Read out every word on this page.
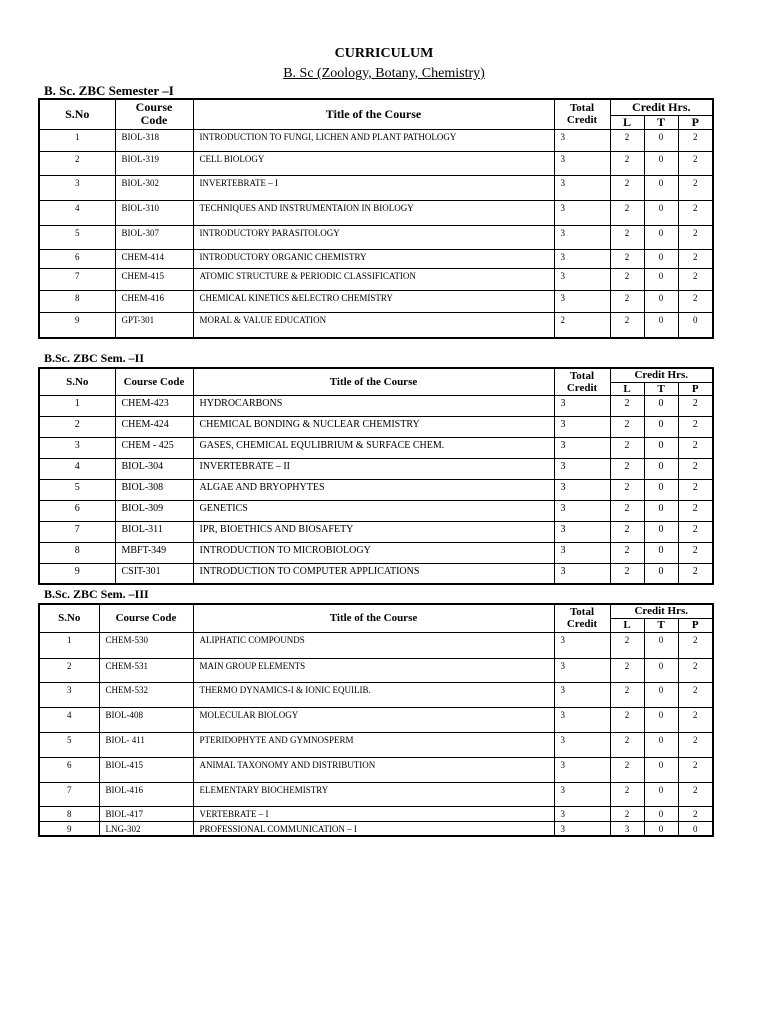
CURRICULUM
B. Sc (Zoology, Botany, Chemistry)
B. Sc. ZBC Semester –I
S.No	Course
Code	Title of the Course	Total
Credit	Credit Hrs.		
				L	T	P

1	BIOL-318	INTRODUCTION TO FUNGI, LICHEN AND PLANT PATHOLOGY	3	2	0	2

2	BIOL-319	CELL BIOLOGY	3	2	0	2

3	BIOL-302	INVERTEBRATE – I	3	2	0	2

4	BIOL-310	TECHNIQUES AND INSTRUMENTAION IN BIOLOGY	3	2	0	2

5	BIOL-307	INTRODUCTORY PARASITOLOGY	3	2	0	2

6	CHEM-414	INTRODUCTORY ORGANIC CHEMISTRY	3	2	0	2

7	CHEM-415	ATOMIC STRUCTURE & PERIODIC CLASSIFICATION	3	2	0	2

8	CHEM-416	CHEMICAL KINETICS &ELECTRO CHEMISTRY	3	2	0	2

9	GPT-301	MORAL & VALUE EDUCATION	2	2	0	0
B.Sc. ZBC Sem. –II
S.No	Course Code	Title of the Course	Total
Credit	Credit Hrs.		
				L	T	P

1	CHEM-423	HYDROCARBONS	3	2	0	2

2	CHEM-424	CHEMICAL BONDING & NUCLEAR CHEMISTRY	3	2	0	2

3	CHEM - 425	GASES, CHEMICAL EQULIBRIUM & SURFACE CHEM.	3	2	0	2

4	BIOL-304	INVERTEBRATE – II	3	2	0	2

5	BIOL-308	ALGAE AND BRYOPHYTES	3	2	0	2

6	BIOL-309	GENETICS	3	2	0	2

7	BIOL-311	IPR, BIOETHICS AND BIOSAFETY	3	2	0	2

8	MBFT-349	INTRODUCTION TO MICROBIOLOGY	3	2	0	2

9	CSIT-301	INTRODUCTION TO COMPUTER APPLICATIONS	3	2	0	2
B.Sc. ZBC Sem. –III
S.No	Course Code	Title of the Course	Total
Credit	Credit Hrs.		
				L	T	P

1	CHEM-530	ALIPHATIC COMPOUNDS	3	2	0	2

2	CHEM-531	MAIN GROUP ELEMENTS	3	2	0	2

3	CHEM-532	THERMO DYNAMICS-I & IONIC EQUILIB.	3	2	0	2

4	BIOL-408	MOLECULAR BIOLOGY	3	2	0	2

5	BIOL- 411	PTERIDOPHYTE AND GYMNOSPERM	3	2	0	2

6	BIOL-415	ANIMAL TAXONOMY AND DISTRIBUTION	3	2	0	2

7	BIOL-416	ELEMENTARY BIOCHEMISTRY	3	2	0	2

8	BIOL-417	VERTEBRATE – I	3	2	0	2

9	LNG-302	PROFESSIONAL COMMUNICATION – I	3	3	0	0
